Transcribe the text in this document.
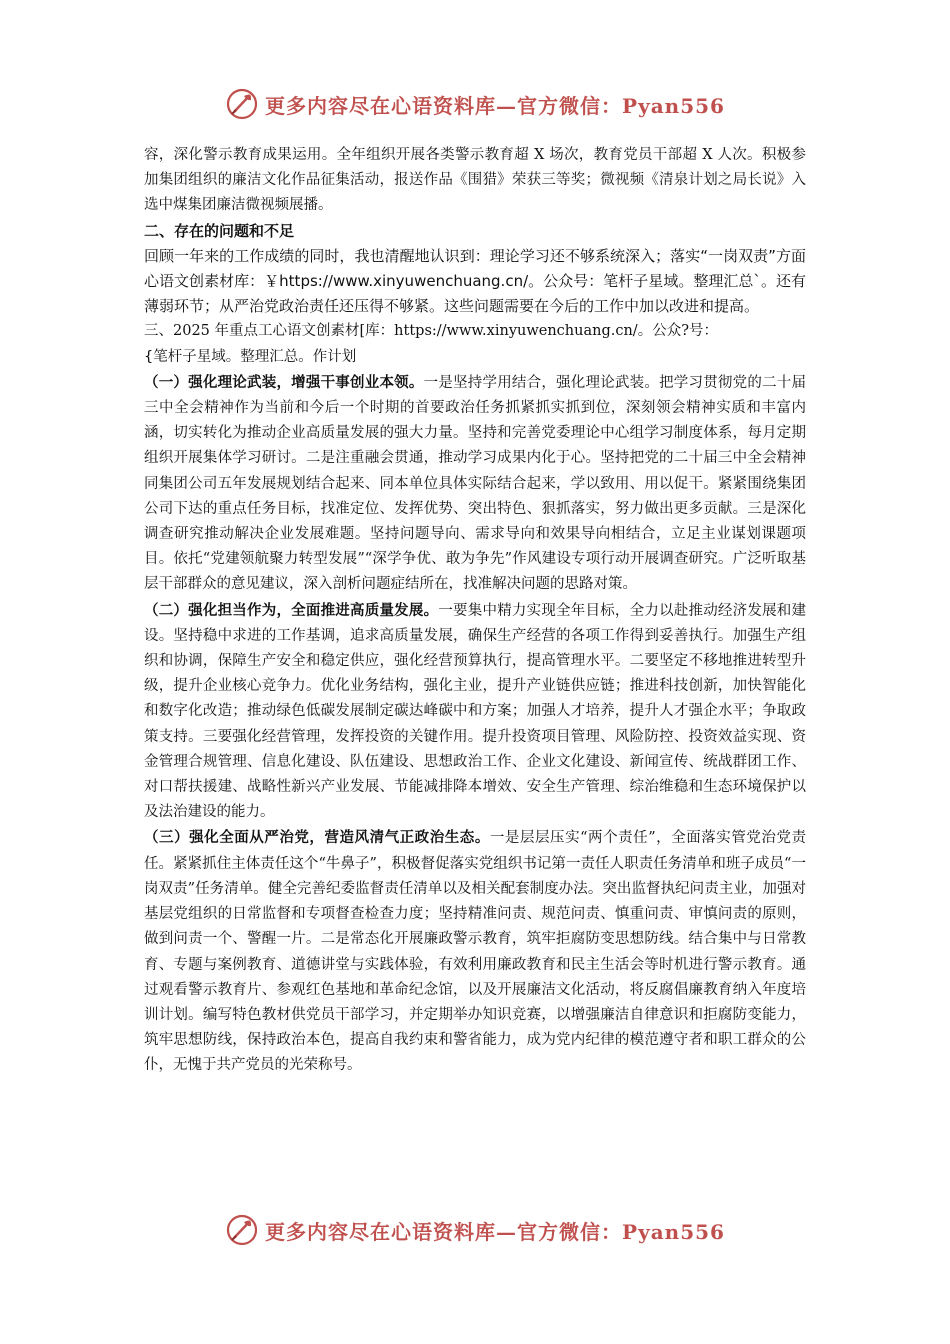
更多内容尽在心语资料库—官方微信：Pyan556

容，深化警示教育成果运用。全年组织开展各类警示教育超 X 场次，教育党员干部超 X 人次。积极参加集团组织的廉洁文化作品征集活动，报送作品《围猎》荣获三等奖；微视频《清泉计划之局长说》入选中煤集团廉洁微视频展播。

二、存在的问题和不足

回顾一年来的工作成绩的同时，我也清醒地认识到：理论学习还不够系统深入；落实“一岗双责”方面心语文创素材库：￥https://www.xinyuwenchuang.cn/。公众号：笔杆子星域。整理汇总`。还有薄弱环节；从严治党政治责任还压得不够紧。这些问题需要在今后的工作中加以改进和提高。

三、2025 年重点工心语文创素材[库：https://www.xinyuwenchuang.cn/。公众?号：
{笔杆子星域。整理汇总。作计划

（一）强化理论武装，增强干事创业本领。一是坚持学用结合，强化理论武装。把学习贯彻党的二十届三中全会精神作为当前和今后一个时期的首要政治任务抓紧抓实抓到位，深刻领会精神实质和丰富内涵，切实转化为推动企业高质量发展的强大力量。坚持和完善党委理论中心组学习制度体系，每月定期组织开展集体学习研讨。二是注重融会贯通，推动学习成果内化于心。坚持把党的二十届三中全会精神同集团公司五年发展规划结合起来、同本单位具体实际结合起来，学以致用、用以促干。紧紧围绕集团公司下达的重点任务目标，找准定位、发挥优势、突出特色、狠抓落实，努力做出更多贡献。三是深化调查研究推动解决企业发展难题。坚持问题导向、需求导向和效果导向相结合，立足主业谋划课题项目。依托“党建领航聚力转型发展”“深学争优、敢为争先”作风建设专项行动开展调查研究。广泛听取基层干部群众的意见建议，深入剖析问题症结所在，找准解决问题的思路对策。

（二）强化担当作为，全面推进高质量发展。一要集中精力实现全年目标，全力以赴推动经济发展和建设。坚持稳中求进的工作基调，追求高质量发展，确保生产经营的各项工作得到妥善执行。加强生产组织和协调，保障生产安全和稳定供应，强化经营预算执行，提高管理水平。二要坚定不移地推进转型升级，提升企业核心竞争力。优化业务结构，强化主业，提升产业链供应链；推进科技创新，加快智能化和数字化改造；推动绿色低碳发展制定碳达峰碳中和方案；加强人才培养，提升人才强企水平；争取政策支持。三要强化经营管理，发挥投资的关键作用。提升投资项目管理、风险防控、投资效益实现、资金管理合规管理、信息化建设、队伍建设、思想政治工作、企业文化建设、新闻宣传、统战群团工作、对口帮扶援建、战略性新兴产业发展、节能减排降本增效、安全生产管理、综治维稳和生态环境保护以及法治建设的能力。

（三）强化全面从严治党，营造风清气正政治生态。一是层层压实“两个责任”，全面落实管党治党责任。紧紧抓住主体责任这个“牛鼻子”，积极督促落实党组织书记第一责任人职责任务清单和班子成员“一岗双责”任务清单。健全完善纪委监督责任清单以及相关配套制度办法。突出监督执纪问责主业，加强对基层党组织的日常监督和专项督查检查力度；坚持精准问责、规范问责、慎重问责、审慎问责的原则，做到问责一个、警醒一片。二是常态化开展廉政警示教育，筑牢拒腐防变思想防线。结合集中与日常教育、专题与案例教育、道德讲堂与实践体验，有效利用廉政教育和民主生活会等时机进行警示教育。通过观看警示教育片、参观红色基地和革命纪念馆，以及开展廉洁文化活动，将反腐倡廉教育纳入年度培训计划。编写特色教材供党员干部学习，并定期举办知识竞赛，以增强廉洁自律意识和拒腐防变能力，筑牢思想防线，保持政治本色，提高自我约束和警省能力，成为党内纪律的模范遵守者和职工群众的公仆，无愧于共产党员的光荣称号。

更多内容尽在心语资料库—官方微信：Pyan556
